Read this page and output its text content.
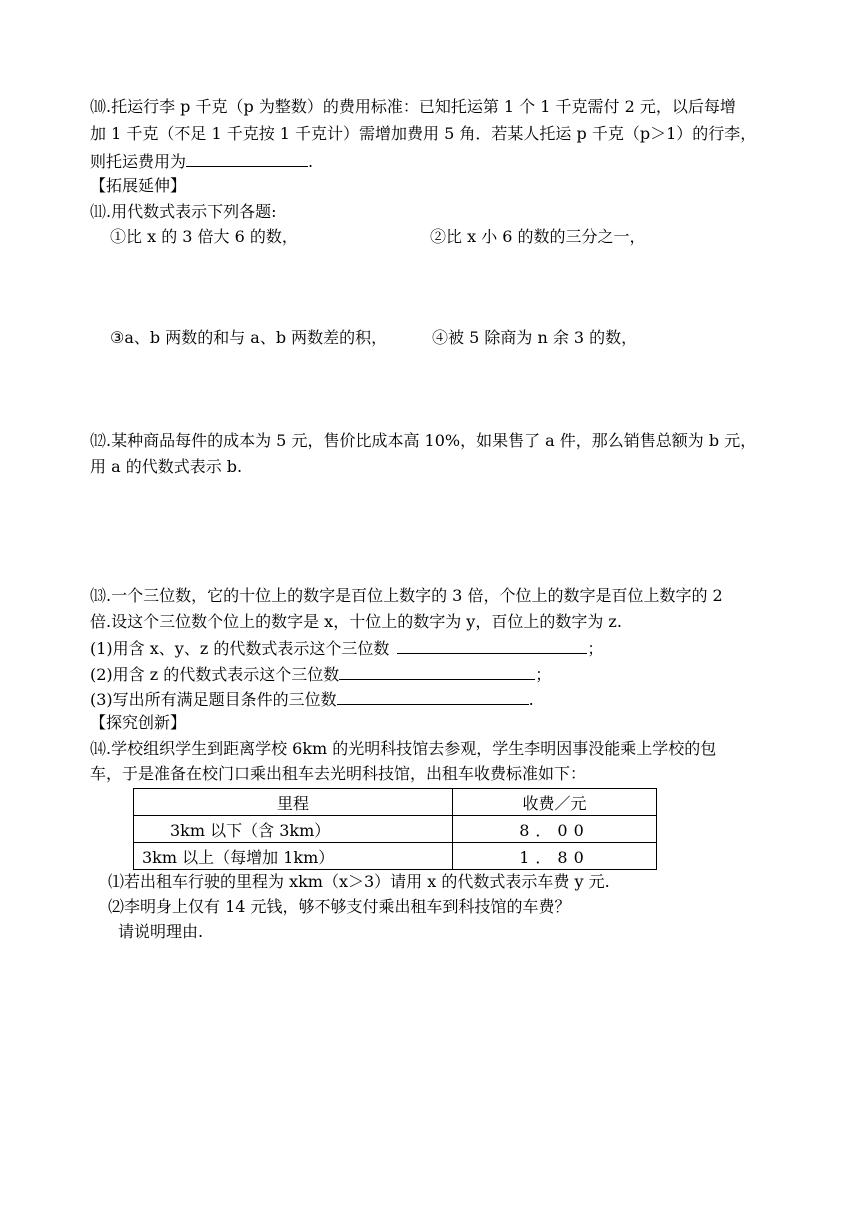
⑽.托运行李 p 千克（p 为整数）的费用标准：已知托运第 1 个 1 千克需付 2 元，以后每增
加 1 千克（不足 1 千克按 1 千克计）需增加费用 5 角．若某人托运 p 千克（p＞1）的行李，
则托运费用为	.
【拓展延伸】
⑾.用代数式表示下列各题:
①比 x 的 3 倍大 6 的数，	②比 x 小 6 的数的三分之一，
③a、b 两数的和与 a、b 两数差的积，	④被 5 除商为 n 余 3 的数，
⑿.某种商品每件的成本为 5 元，售价比成本高 10%，如果售了 a 件，那么销售总额为 b 元，
用 a 的代数式表示 b.
⒀.一个三位数，它的十位上的数字是百位上数字的 3 倍，个位上的数字是百位上数字的 2
倍.设这个三位数个位上的数字是 x，十位上的数字为 y，百位上的数字为 z.
(1)用含 x、y、z 的代数式表示这个三位数	；
(2)用含 z 的代数式表示这个三位数	；
(3)写出所有满足题目条件的三位数	.
【探究创新】
⒁.学校组织学生到距离学校 6km 的光明科技馆去参观，学生李明因事没能乘上学校的包
车，于是准备在校门口乘出租车去光明科技馆，出租车收费标准如下：
里程	收费／元
3km 以下（含 3km）	8．00
3km 以上（每增加 1km）	1．80
⑴若出租车行驶的里程为 xkm（x＞3）请用 x 的代数式表示车费 y 元.
⑵李明身上仅有 14 元钱，够不够支付乘出租车到科技馆的车费？
请说明理由.
